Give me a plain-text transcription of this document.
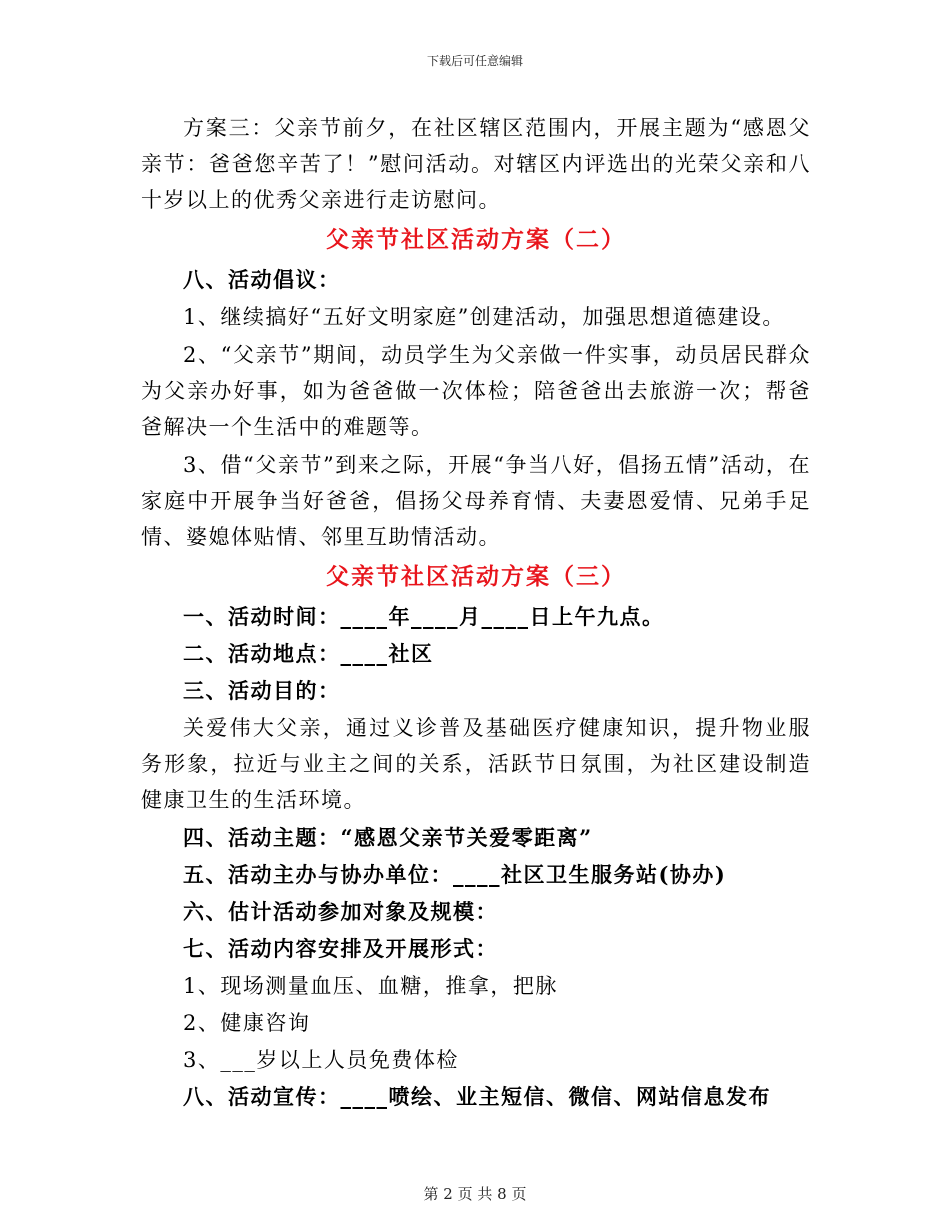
下载后可任意编辑

方案三：父亲节前夕，在社区辖区范围内，开展主题为“感恩父亲节：爸爸您辛苦了！”慰问活动。对辖区内评选出的光荣父亲和八十岁以上的优秀父亲进行走访慰问。

父亲节社区活动方案（二）

八、活动倡议：

1、继续搞好“五好文明家庭”创建活动，加强思想道德建设。

2、“父亲节”期间，动员学生为父亲做一件实事，动员居民群众为父亲办好事，如为爸爸做一次体检；陪爸爸出去旅游一次；帮爸爸解决一个生活中的难题等。

3、借“父亲节”到来之际，开展“争当八好，倡扬五情”活动，在家庭中开展争当好爸爸，倡扬父母养育情、夫妻恩爱情、兄弟手足情、婆媳体贴情、邻里互助情活动。

父亲节社区活动方案（三）

一、活动时间：____年____月____日上午九点。

二、活动地点：____社区

三、活动目的：

关爱伟大父亲，通过义诊普及基础医疗健康知识，提升物业服务形象，拉近与业主之间的关系，活跃节日氛围，为社区建设制造健康卫生的生活环境。

四、活动主题：“感恩父亲节关爱零距离”

五、活动主办与协办单位：____社区卫生服务站(协办)

六、估计活动参加对象及规模：

七、活动内容安排及开展形式：

1、现场测量血压、血糖，推拿，把脉

2、健康咨询

3、___岁以上人员免费体检

八、活动宣传：____喷绘、业主短信、微信、网站信息发布

第 2 页 共 8 页
